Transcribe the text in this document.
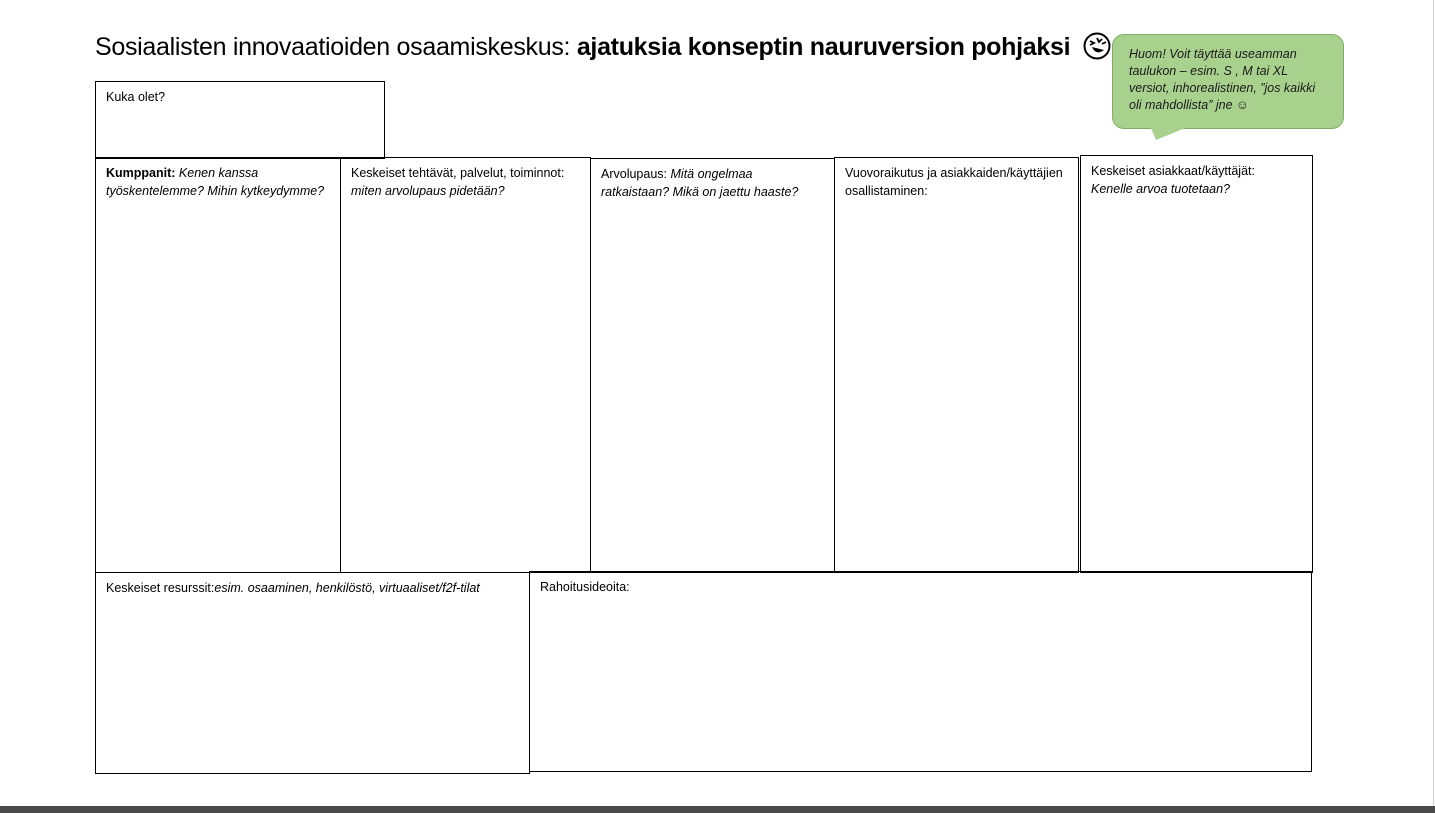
Sosiaalisten innovaatioiden osaamiskeskus: ajatuksia konseptin nauruversion pohjaksi	Huom! Voit täyttää useamman taulukon – esim. S , M tai XL versiot, inhorealistinen, ”jos kaikki oli mahdollista” jne ☺
Kuka olet?
Kumppanit: Kenen kanssa työskentelemme? Mihin kytkeydymme?
Keskeiset tehtävät, palvelut, toiminnot: miten arvolupaus pidetään?
Arvolupaus: Mitä ongelmaa ratkaistaan? Mikä on jaettu haaste?
Vuovoraikutus ja asiakkaiden/käyttäjien osallistaminen:
Keskeiset asiakkaat/käyttäjät:
Kenelle arvoa tuotetaan?
Keskeiset resurssit:esim. osaaminen, henkilöstö, virtuaaliset/f2f-tilat	Rahoitusideoita:
